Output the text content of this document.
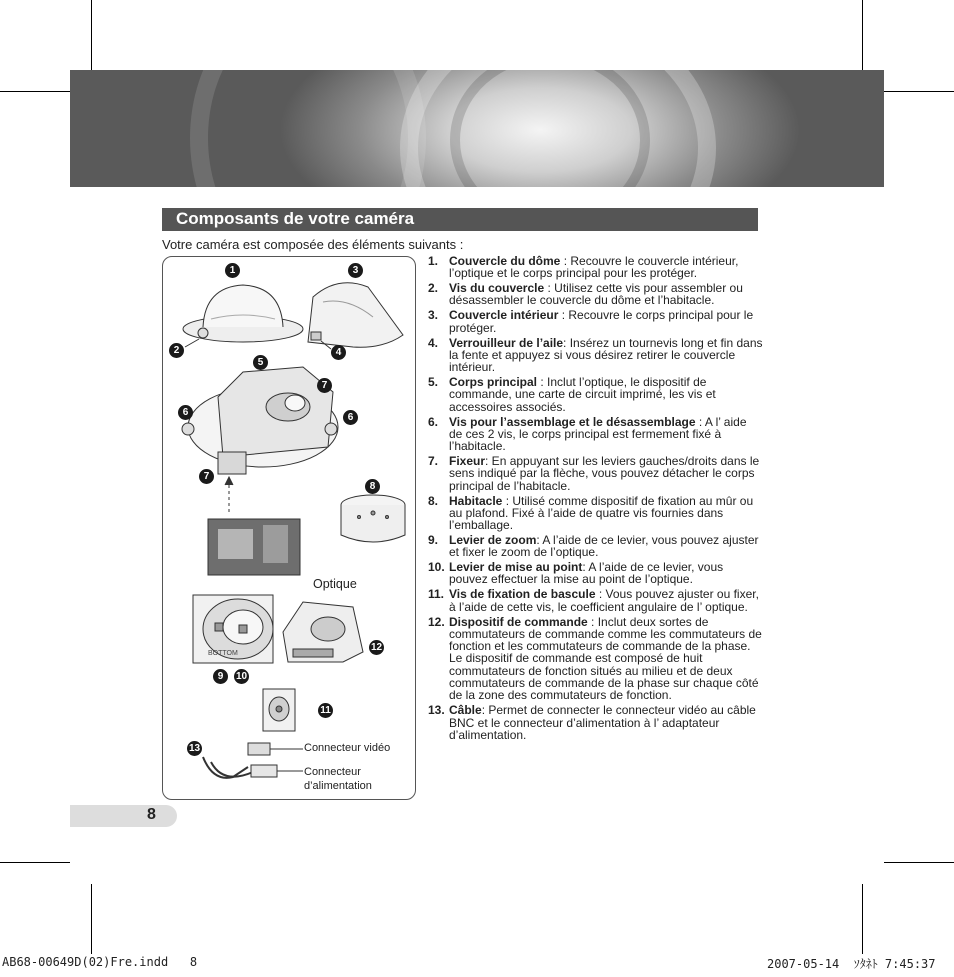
Composants de votre caméra
Votre caméra est composée des éléments suivants :
BOTTOM
1
2
3
4
5
6	6
7
7
8
9	10
11
12
13
Optique
Connecteur vidéo
Connecteur
d’alimentation
1. Couvercle du dôme : Recouvre le couvercle intérieur, l’optique et le corps principal pour les protéger.
2. Vis du couvercle : Utilisez cette vis pour assembler ou désassembler le couvercle du dôme et l’habitacle.
3. Couvercle intérieur : Recouvre le corps principal pour le protéger.
4. Verrouilleur de l’aile: Insérez un tournevis long et fin dans la fente et appuyez si vous désirez retirer le couvercle intérieur.
5. Corps principal : Inclut l’optique, le dispositif de commande, une carte de circuit imprimé, les vis et accessoires associés.
6. Vis pour l’assemblage et le désassemblage : A l’ aide de ces 2 vis, le corps principal est fermement fixé à l’habitacle.
7. Fixeur: En appuyant sur les leviers gauches/droits dans le sens indiqué par la flèche, vous pouvez détacher le corps principal de l’habitacle.
8. Habitacle : Utilisé comme dispositif de fixation au mûr ou au plafond. Fixé à l’aide de quatre vis fournies dans l’emballage.
9. Levier de zoom: A l’aide de ce levier, vous pouvez ajuster et fixer le zoom de l’optique.
10. Levier de mise au point: A l’aide de ce levier, vous pouvez effectuer la mise au point de l’optique.
11. Vis de fixation de bascule : Vous pouvez ajuster ou fixer, à l’aide de cette vis, le coefficient angulaire de l’ optique.
12. Dispositif de commande : Inclut deux sortes de commutateurs de commande comme les commutateurs de fonction et les commutateurs de commande de la phase. Le dispositif de commande est composé de huit commutateurs de fonction situés au milieu et de deux commutateurs de commande de la phase sur chaque côté de la zone des commutateurs de fonction.
13. Câble: Permet de connecter le connecteur vidéo au câble BNC et le connecteur d’alimentation à l’ adaptateur d’alimentation.
8
AB68-00649D(02)Fre.indd   8	2007-05-14  ｿﾀﾈﾄ 7:45:37
